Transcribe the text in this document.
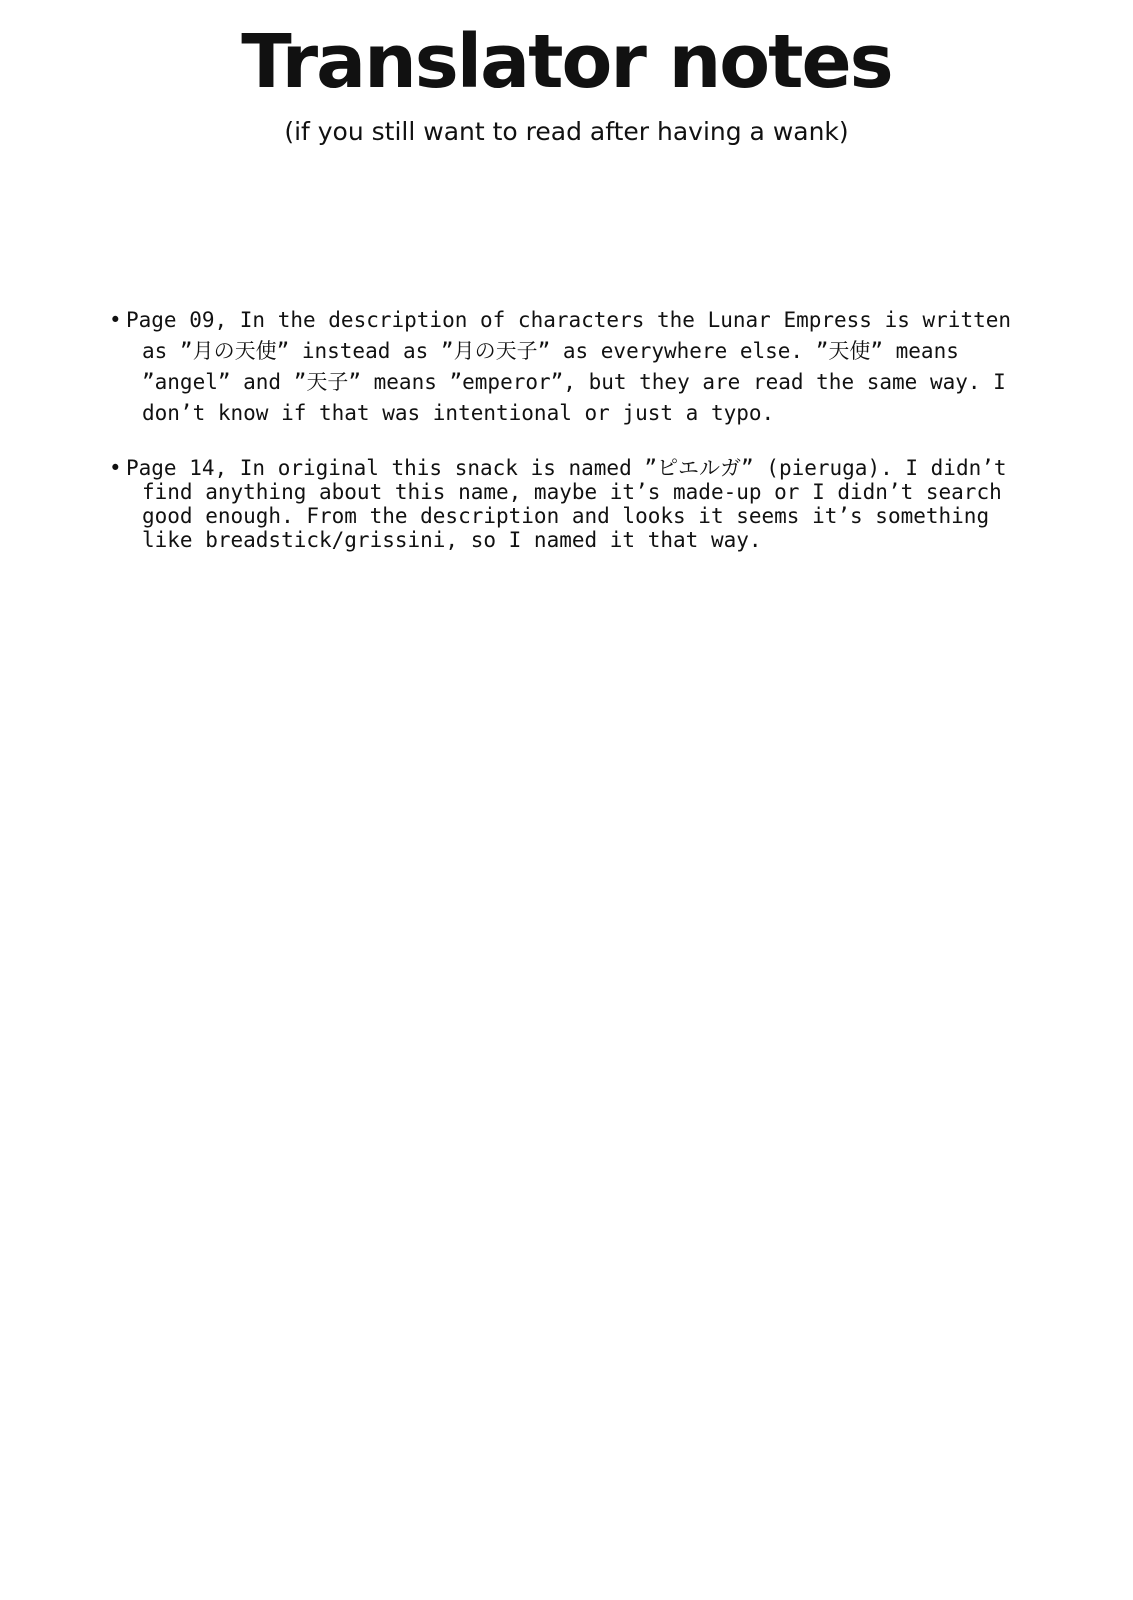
Translator notes

(if you still want to read after having a wank)

• Page 09, In the description of characters the Lunar Empress is written as ”月の天使” instead as ”月の天子” as everywhere else. ”天使” means ”angel” and ”天子” means ”emperor”, but they are read the same way. I don’t know if that was intentional or just a typo.
• Page 14, In original this snack is named ”ピエルガ” (pieruga). I didn’t find anything about this name, maybe it’s made-up or I didn’t search good enough. From the description and looks it seems it’s something like breadstick/grissini, so I named it that way.
